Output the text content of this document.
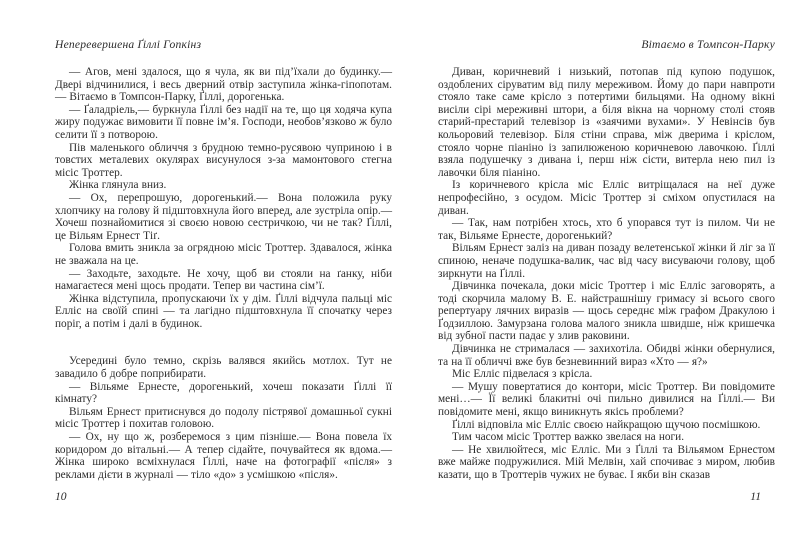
Неперевершена Ґіллі Гопкінз

— Агов, мені здалося, що я чула, як ви під’їхали до будинку.— Двері відчинилися, і весь дверний отвір заступила жінка-гіпопотам.— Вітаємо в Томпсон-Парку, Ґіллі, дорогенька.

— Ґаладріель,— буркнула Ґіллі без надії на те, що ця ходяча купа жиру подужає вимовити її повне ім’я. Господи, необов’язково ж було селити її з потворою.

Пів маленького обличчя з брудною темно-русявою чуприною і в товстих металевих окулярах висунулося з-за мамонтового стегна місіс Троттер.

Жінка глянула вниз.

— Ох, перепрошую, дорогенький.— Вона положила руку хлопчику на голову й підштовхнула його вперед, але зустріла опір.— Хочеш познайомитися зі своєю новою сестричкою, чи не так? Ґіллі, це Вільям Ернест Тіґ.

Голова вмить зникла за огрядною місіс Троттер. Здавалося, жінка не зважала на це.

— Заходьте, заходьте. Не хочу, щоб ви стояли на ґанку, ніби намагаєтеся мені щось продати. Тепер ви частина сім’ї.

Жінка відступила, пропускаючи їх у дім. Ґіллі відчула пальці міс Елліс на своїй спині — та лагідно підштовхнула її спочатку через поріг, а потім і далі в будинок.

Усередині було темно, скрізь валявся якийсь мотлох. Тут не завадило б добре поприбирати.

— Вільяме Ернесте, дорогенький, хочеш показати Ґіллі її кімнату?

Вільям Ернест притиснувся до подолу пістрявої домашньої сукні місіс Троттер і похитав головою.

— Ох, ну що ж, розберемося з цим пізніше.— Вона повела їх коридором до вітальні.— А тепер сідайте, почувайтеся як вдома.— Жінка широко всміхнулася Ґіллі, наче на фотографії «після» з реклами дієти в журналі — тіло «до» з усмішкою «після».

10
Вітаємо в Томпсон-Парку

Диван, коричневий і низький, потопав під купою подушок, оздоблених сіруватим від пилу мереживом. Йому до пари навпроти стояло таке саме крісло з потертими бильцями. На одному вікні висіли сірі мереживні штори, а біля вікна на чорному столі стояв старий-престарий телевізор із «заячими вухами». У Невінсів був кольоровий телевізор. Біля стіни справа, між дверима і кріслом, стояло чорне піаніно із запилюженою коричневою лавочкою. Ґіллі взяла подушечку з дивана і, перш ніж сісти, витерла нею пил із лавочки біля піаніно.

Із коричневого крісла міс Елліс витріщалася на неї дуже непрофесійно, з осудом. Місіс Троттер зі сміхом опустилася на диван.

— Так, нам потрібен хтось, хто б упорався тут із пилом. Чи не так, Вільяме Ернесте, дорогенький?

Вільям Ернест заліз на диван позаду велетенської жінки й ліг за її спиною, неначе подушка-валик, час від часу висуваючи голову, щоб зиркнути на Ґіллі.

Дівчинка почекала, доки місіс Троттер і міс Елліс заговорять, а тоді скорчила малому В. Е. найстрашнішу гримасу зі всього свого репертуару лячних виразів — щось середнє між графом Дракулою і Ґодзиллою. Замурзана голова малого зникла швидше, ніж кришечка від зубної пасти падає у злив раковини.

Дівчинка не стрималася — захихотіла. Обидві жінки обернулися, та на її обличчі вже був безневинний вираз «Хто — я?»

Міс Елліс підвелася з крісла.

— Мушу повертатися до контори, місіс Троттер. Ви повідомите мені…— Її великі блакитні очі пильно дивилися на Ґіллі.— Ви повідомите мені, якщо виникнуть якісь проблеми?

Ґіллі відповіла міс Елліс своєю найкращою щучою посмішкою.

Тим часом місіс Троттер важко звелася на ноги.

— Не хвилюйтеся, міс Елліс. Ми з Ґіллі та Вільямом Ернестом вже майже подружилися. Мій Мелвін, хай спочиває з миром, любив казати, що в Троттерів чужих не буває. І якби він сказав

11
